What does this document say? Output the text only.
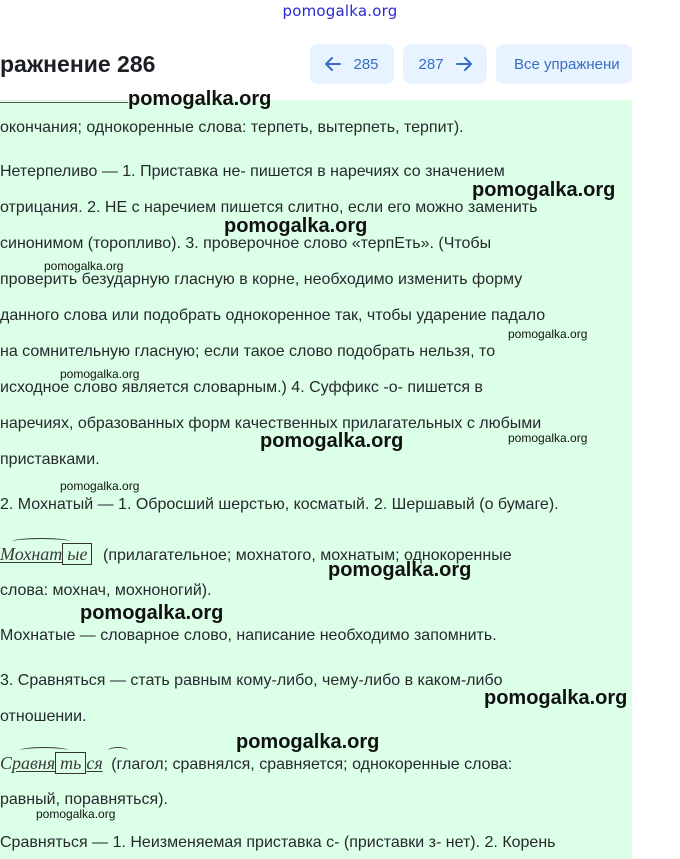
pomogalka.org
ражнение 286	285	287	Все упражнени
окончания; однокоренные слова: терпеть, вытерпеть, терпит).
Нетерпеливо — 1. Приставка не- пишется в наречиях со значением
отрицания. 2. НЕ с наречием пишется слитно, если его можно заменить
синонимом (торопливо). 3. проверочное слово «терпЕть». (Чтобы
проверить безударную гласную в корне, необходимо изменить форму
данного слова или подобрать однокоренное так, чтобы ударение падало
на сомнительную гласную; если такое слово подобрать нельзя, то
исходное слово является словарным.) 4. Суффикс -о- пишется в
наречиях, образованных форм качественных прилагательных с любыми
приставками.
2. Мохнатый — 1. Обросший шерстью, косматый. 2. Шершавый (о бумаге).
Мохнат ые (прилагательное; мохнатого, мохнатым; однокоренные
слова: мохнач, мохноногий).
Мохнатые — словарное слово, написание необходимо запомнить.
3. Сравняться — стать равным кому-либо, чему-либо в каком-либо
отношении.
Сравня ть ся (глагол; сравнялся, сравняется; однокоренные слова:
равный, поравняться).
Сравняться — 1. Неизменяемая приставка с- (приставки з- нет). 2. Корень
pomogalka.org
pomogalka.org
pomogalka.org
pomogalka.org
pomogalka.org
pomogalka.org
pomogalka.org	pomogalka.org
pomogalka.org
pomogalka.org
pomogalka.org
pomogalka.org
pomogalka.org
pomogalka.org
